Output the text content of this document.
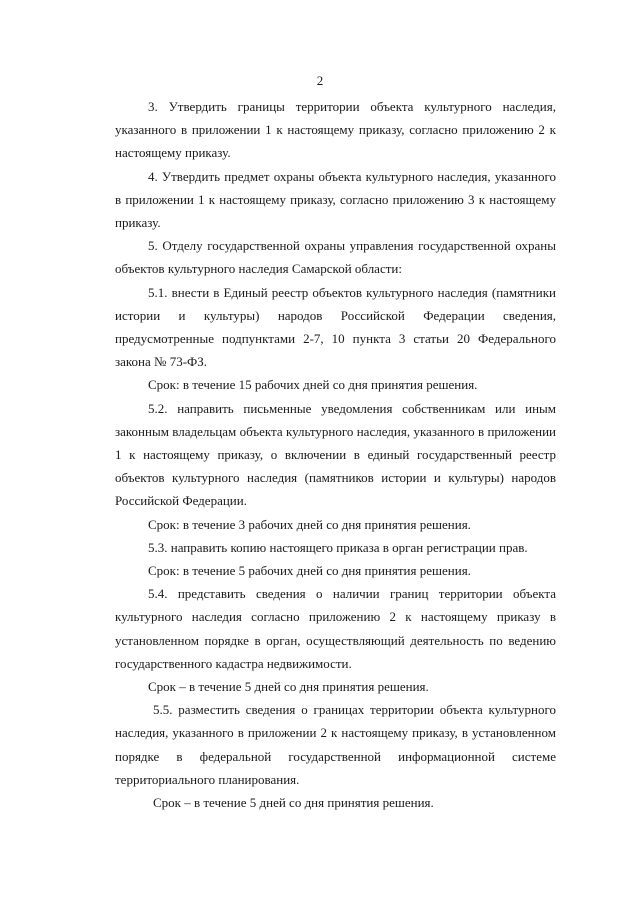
2

3. Утвердить границы территории объекта культурного наследия, указанного в приложении 1 к настоящему приказу, согласно приложению 2 к настоящему приказу.

4. Утвердить предмет охраны объекта культурного наследия, указанного в приложении 1 к настоящему приказу, согласно приложению 3 к настоящему приказу.

5. Отделу государственной охраны управления государственной охраны объектов культурного наследия Самарской области:

5.1. внести в Единый реестр объектов культурного наследия (памятники истории и культуры) народов Российской Федерации сведения, предусмотренные подпунктами 2-7, 10 пункта 3 статьи 20 Федерального закона № 73-ФЗ.

Срок: в течение 15 рабочих дней со дня принятия решения.

5.2. направить письменные уведомления собственникам или иным законным владельцам объекта культурного наследия, указанного в приложении 1 к настоящему приказу, о включении в единый государственный реестр объектов культурного наследия (памятников истории и культуры) народов Российской Федерации.

Срок: в течение 3 рабочих дней со дня принятия решения.

5.3. направить копию настоящего приказа в орган регистрации прав.

Срок: в течение 5 рабочих дней со дня принятия решения.

5.4. представить сведения о наличии границ территории объекта культурного наследия согласно приложению 2 к настоящему приказу в установленном порядке в орган, осуществляющий деятельность по ведению государственного кадастра недвижимости.

Срок – в течение 5 дней со дня принятия решения.

5.5. разместить сведения о границах территории объекта культурного наследия, указанного в приложении 2 к настоящему приказу, в установленном порядке в федеральной государственной информационной системе территориального планирования.

Срок – в течение 5 дней со дня принятия решения.
